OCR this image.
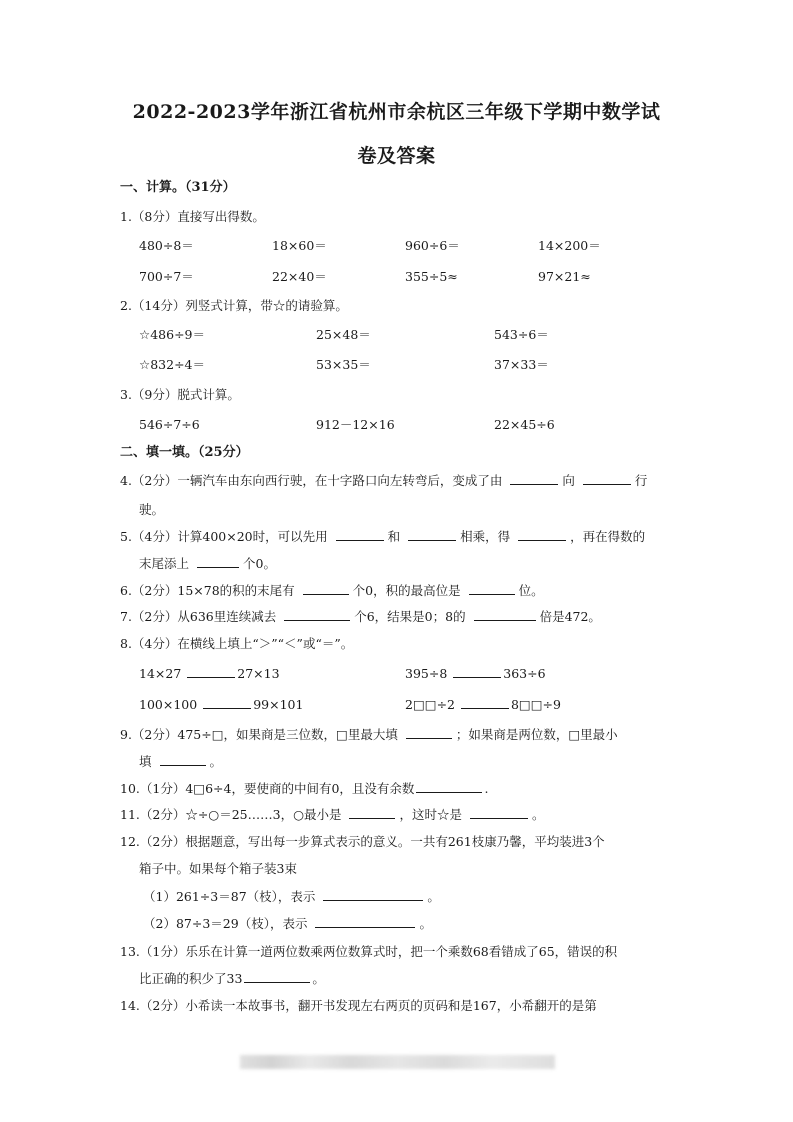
2022-2023学年浙江省杭州市余杭区三年级下学期中数学试
卷及答案
一、计算。（31分）
1.（8分）直接写出得数。
480÷8＝	18×60＝	960÷6＝	14×200＝
700÷7＝	22×40＝	355÷5≈	97×21≈
2.（14分）列竖式计算，带☆的请验算。
☆486÷9＝	25×48＝	543÷6＝
☆832÷4＝	53×35＝	37×33＝
3.（9分）脱式计算。
546÷7÷6	912－12×16	22×45÷6
二、填一填。（25分）
4.（2分）一辆汽车由东向西行驶，在十字路口向左转弯后，变成了由	向	行
驶。
5.（4分）计算400×20时，可以先用	和	相乘，得	，再在得数的
末尾添上	个0。
6.（2分）15×78的积的末尾有	个0，积的最高位是	位。
7.（2分）从636里连续减去	个6，结果是0；8的	倍是472。
8.（4分）在横线上填上“＞”“＜”或“＝”。
14×27	27×13	395÷8	363÷6
100×100	99×101	2□□÷2	8□□÷9
9.（2分）475÷□，如果商是三位数，□里最大填	；如果商是两位数，□里最小
填	。
10.（1分）4□6÷4，要使商的中间有0，且没有余数	.
11.（2分）☆÷○＝25……3，○最小是	，这时☆是	。
12.（2分）根据题意，写出每一步算式表示的意义。一共有261枝康乃馨，平均装进3个
箱子中。如果每个箱子装3束
（1）261÷3＝87（枝），表示	。
（2）87÷3＝29（枝），表示	。
13.（1分）乐乐在计算一道两位数乘两位数算式时，把一个乘数68看错成了65，错误的积
比正确的积少了33	。
14.（2分）小希读一本故事书，翻开书发现左右两页的页码和是167，小希翻开的是第
